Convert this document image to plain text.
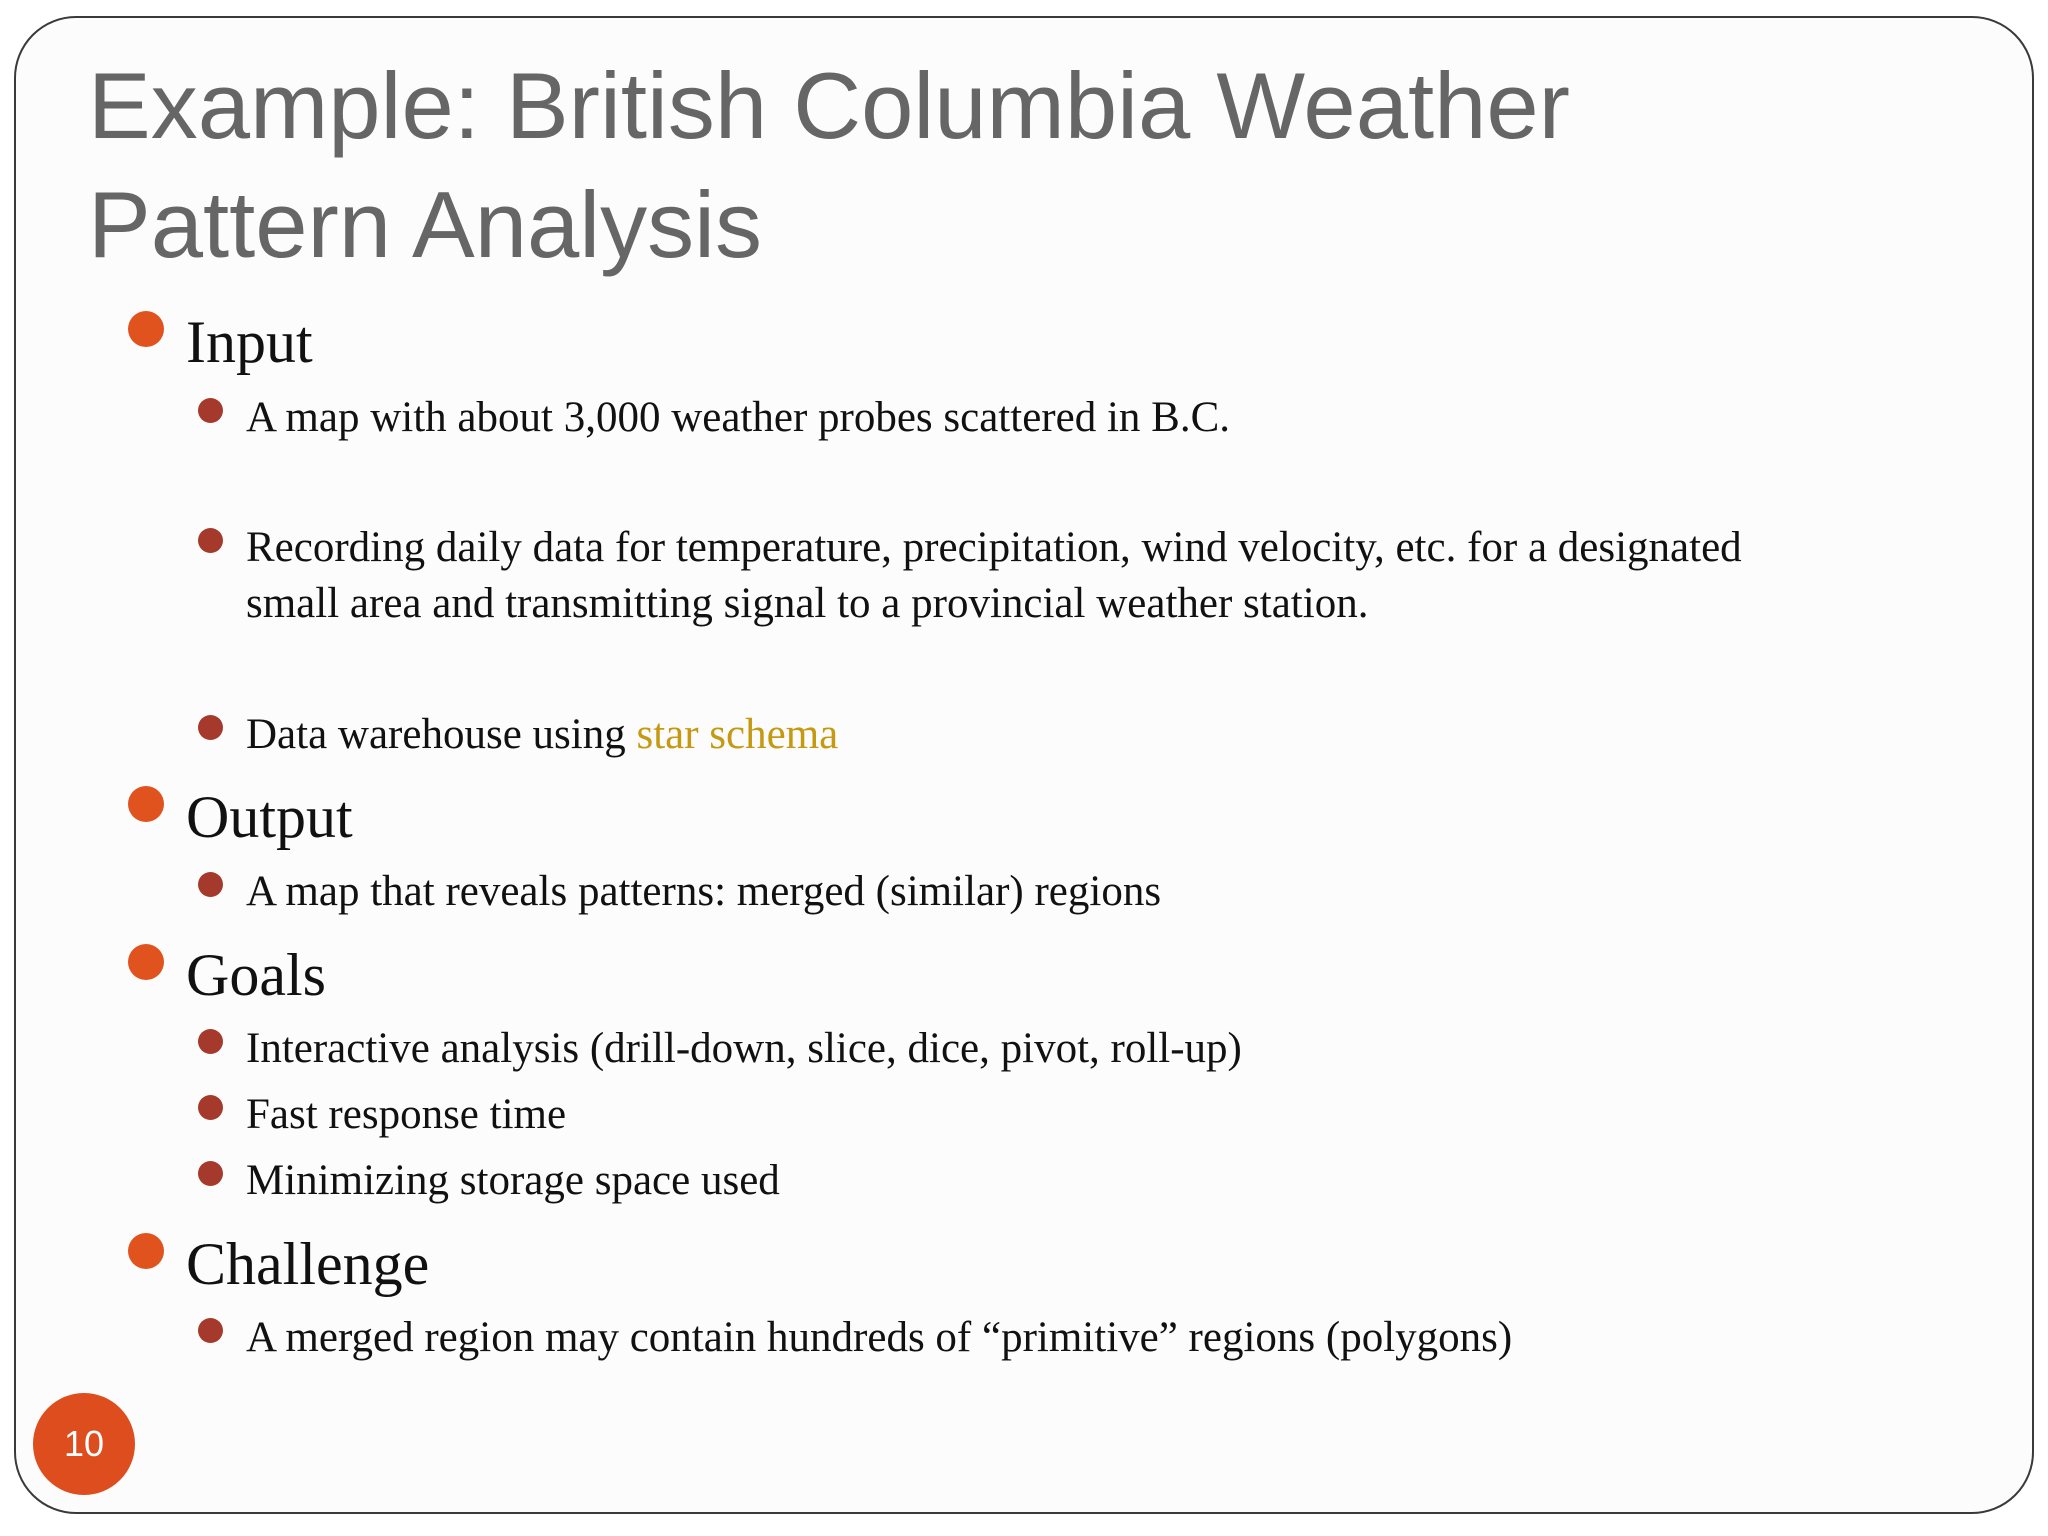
Example: British Columbia Weather
Pattern Analysis
Input
A map with about 3,000 weather probes scattered in B.C.
Recording daily data for temperature, precipitation, wind velocity, etc. for a designated
small area and transmitting signal to a provincial weather station.
Data warehouse using star schema
Output
A map that reveals patterns: merged (similar) regions
Goals
Interactive analysis (drill-down, slice, dice, pivot, roll-up)
Fast response time
Minimizing storage space used
Challenge
A merged region may contain hundreds of “primitive” regions (polygons)
10
